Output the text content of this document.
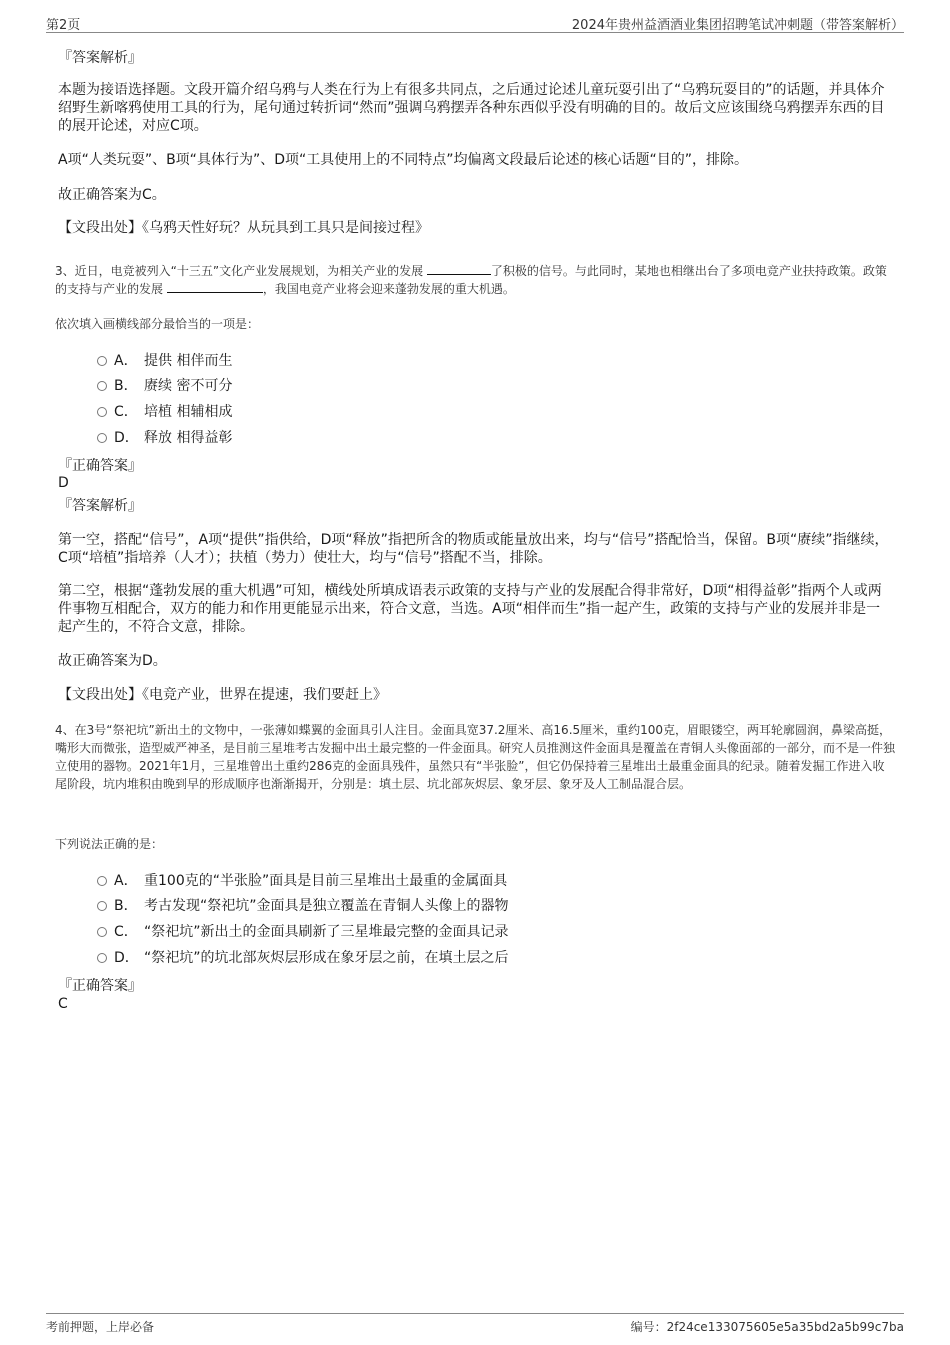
第2页	2024年贵州益酒酒业集团招聘笔试冲刺题（带答案解析）
『答案解析』
本题为接语选择题。文段开篇介绍乌鸦与人类在行为上有很多共同点，之后通过论述儿童玩耍引出了“乌鸦玩耍目的”的话题，并具体介绍野生新喀鸦使用工具的行为，尾句通过转折词“然而”强调乌鸦摆弄各种东西似乎没有明确的目的。故后文应该围绕乌鸦摆弄东西的目的展开论述，对应C项。
A项“人类玩耍”、B项“具体行为”、D项“工具使用上的不同特点”均偏离文段最后论述的核心话题“目的”，排除。
故正确答案为C。
【文段出处】《乌鸦天性好玩？从玩具到工具只是间接过程》
3、近日，电竞被列入“十三五”文化产业发展规划，为相关产业的发展	了积极的信号。与此同时，某地也相继出台了多项电竞产业扶持政策。政策的支持与产业的发展	，我国电竞产业将会迎来蓬勃发展的重大机遇。
依次填入画横线部分最恰当的一项是：
A． 提供 相伴而生
B． 赓续 密不可分
C． 培植 相辅相成
D． 释放 相得益彰
『正确答案』
D
『答案解析』
第一空，搭配“信号”，A项“提供”指供给，D项“释放”指把所含的物质或能量放出来，均与“信号”搭配恰当，保留。B项“赓续”指继续，C项“培植”指培养（人才）；扶植（势力）使壮大，均与“信号”搭配不当，排除。
第二空，根据“蓬勃发展的重大机遇”可知，横线处所填成语表示政策的支持与产业的发展配合得非常好，D项“相得益彰”指两个人或两件事物互相配合，双方的能力和作用更能显示出来，符合文意，当选。A项“相伴而生”指一起产生，政策的支持与产业的发展并非是一起产生的，不符合文意，排除。
故正确答案为D。
【文段出处】《电竞产业，世界在提速，我们要赶上》
4、在3号“祭祀坑”新出土的文物中，一张薄如蝶翼的金面具引人注目。金面具宽37.2厘米、高16.5厘米，重约100克，眉眼镂空，两耳轮廓圆润，鼻梁高挺，嘴形大而微张，造型威严神圣，是目前三星堆考古发掘中出土最完整的一件金面具。研究人员推测这件金面具是覆盖在青铜人头像面部的一部分，而不是一件独立使用的器物。2021年1月，三星堆曾出土重约286克的金面具残件，虽然只有“半张脸”，但它仍保持着三星堆出土最重金面具的纪录。随着发掘工作进入收尾阶段，坑内堆积由晚到早的形成顺序也渐渐揭开，分别是：填土层、坑北部灰烬层、象牙层、象牙及人工制品混合层。
下列说法正确的是：
A． 重100克的“半张脸”面具是目前三星堆出土最重的金属面具
B． 考古发现“祭祀坑”金面具是独立覆盖在青铜人头像上的器物
C． “祭祀坑”新出土的金面具刷新了三星堆最完整的金面具记录
D． “祭祀坑”的坑北部灰烬层形成在象牙层之前，在填土层之后
『正确答案』
C
考前押题，上岸必备	编号：2f24ce133075605e5a35bd2a5b99c7ba
